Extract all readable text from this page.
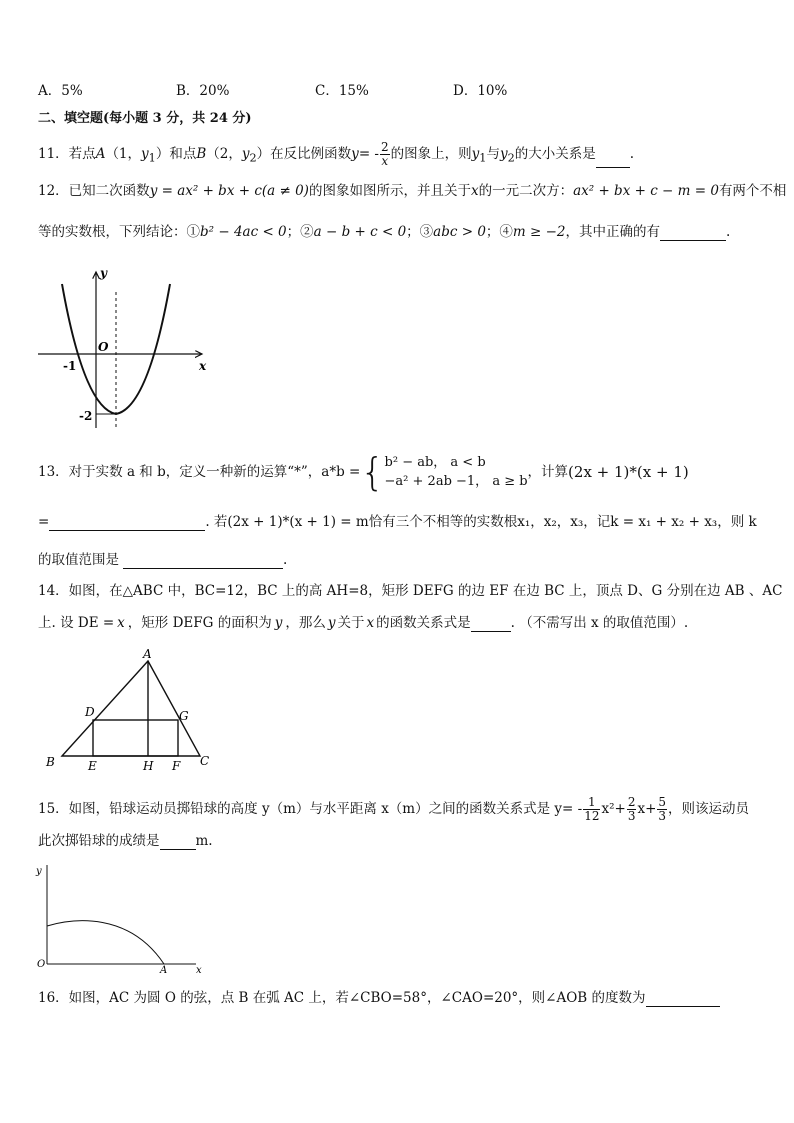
A．5%	B．20%	C．15%	D．10%
二、填空题(每小题 3 分，共 24 分)
11．若点A（1，$y_1$）和点B（2，$y_2$）在反比例函数$y= - \frac{2}{x}$ 的图象上，则$y_1$与$y_2$的大小关系是	.
12．已知二次函数y = ax² + bx + c(a ≠ 0)的图象如图所示，并且关于x的一元二次方：ax² + bx + c − m = 0有两个不相
等的实数根，下列结论：①b² − 4ac < 0；②a − b + c < 0；③abc > 0；④m ≥ −2，其中正确的有	.
y
x
O
-1
-2
13．对于实数 a 和 b，定义一种新的运算“*”，a*b = { b² − ab， a < b
−a² + 2ab −1， a ≥ b
，计算 (2x + 1)*(x + 1)
=	. 若(2x + 1)*(x + 1) = m恰有三个不相等的实数根x₁，x₂，x₃，记k = x₁ + x₂ + x₃，则 k
的取值范围是	.
14．如图，在△ABC 中，BC=12，BC 上的高 AH=8，矩形 DEFG 的边 EF 在边 BC 上，顶点 D、G 分别在边 AB 、AC
上. 设 DE = x ，矩形 DEFG 的面积为 y ，那么 y 关于 x 的函数关系式是	. （不需写出 x 的取值范围）.
A
B	C
D
E	H F
G
15．如图，铅球运动员掷铅球的高度 y（m）与水平距离 x（m）之间的函数关系式是 $y= - \frac{1}{12} x^2+ \frac{2}{3} x+ \frac{5}{3}$ ，则该运动员
此次掷铅球的成绩是	m.
y
O
A	x
16．如图，AC 为圆 O 的弦，点 B 在弧 AC 上，若∠CBO=58°，∠CAO=20°，则∠AOB 的度数为
